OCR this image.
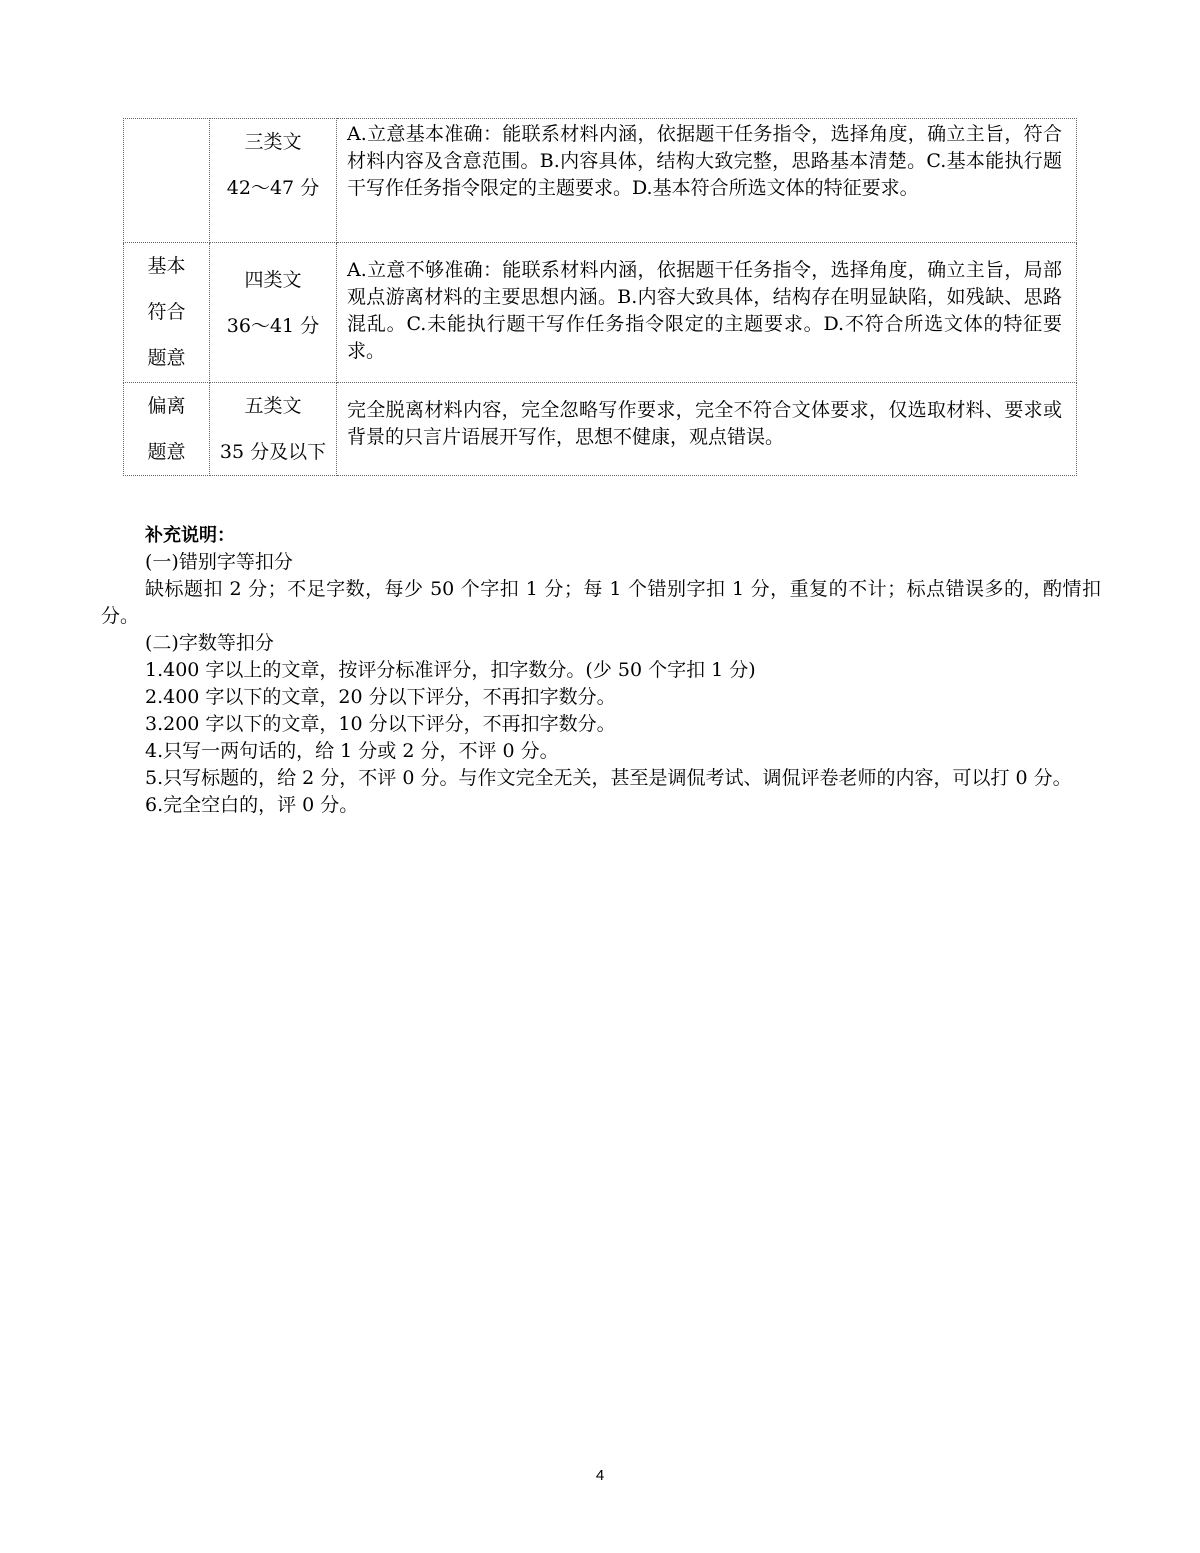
	三类文
42～47 分	A.立意基本准确：能联系材料内涵，依据题干任务指令，选择角度，确立主旨，符合材料内容及含意范围。B.内容具体，结构大致完整，思路基本清楚。C.基本能执行题干写作任务指令限定的主题要求。D.基本符合所选文体的特征要求。

基本
符合
题意	四类文
36～41 分	A.立意不够准确：能联系材料内涵，依据题干任务指令，选择角度，确立主旨，局部观点游离材料的主要思想内涵。B.内容大致具体，结构存在明显缺陷，如残缺、思路混乱。C.未能执行题干写作任务指令限定的主题要求。D.不符合所选文体的特征要求。

偏离
题意	五类文
35 分及以下	完全脱离材料内容，完全忽略写作要求，完全不符合文体要求，仅选取材料、要求或背景的只言片语展开写作，思想不健康，观点错误。

补充说明：

(一)错别字等扣分

缺标题扣 2 分；不足字数，每少 50 个字扣 1 分；每 1 个错别字扣 1 分，重复的不计；标点错误多的，酌情扣分。

(二)字数等扣分

1.400 字以上的文章，按评分标准评分，扣字数分。(少 50 个字扣 1 分)

2.400 字以下的文章，20 分以下评分，不再扣字数分。

3.200 字以下的文章，10 分以下评分，不再扣字数分。

4.只写一两句话的，给 1 分或 2 分，不评 0 分。

5.只写标题的，给 2 分，不评 0 分。与作文完全无关，甚至是调侃考试、调侃评卷老师的内容，可以打 0 分。

6.完全空白的，评 0 分。

4
